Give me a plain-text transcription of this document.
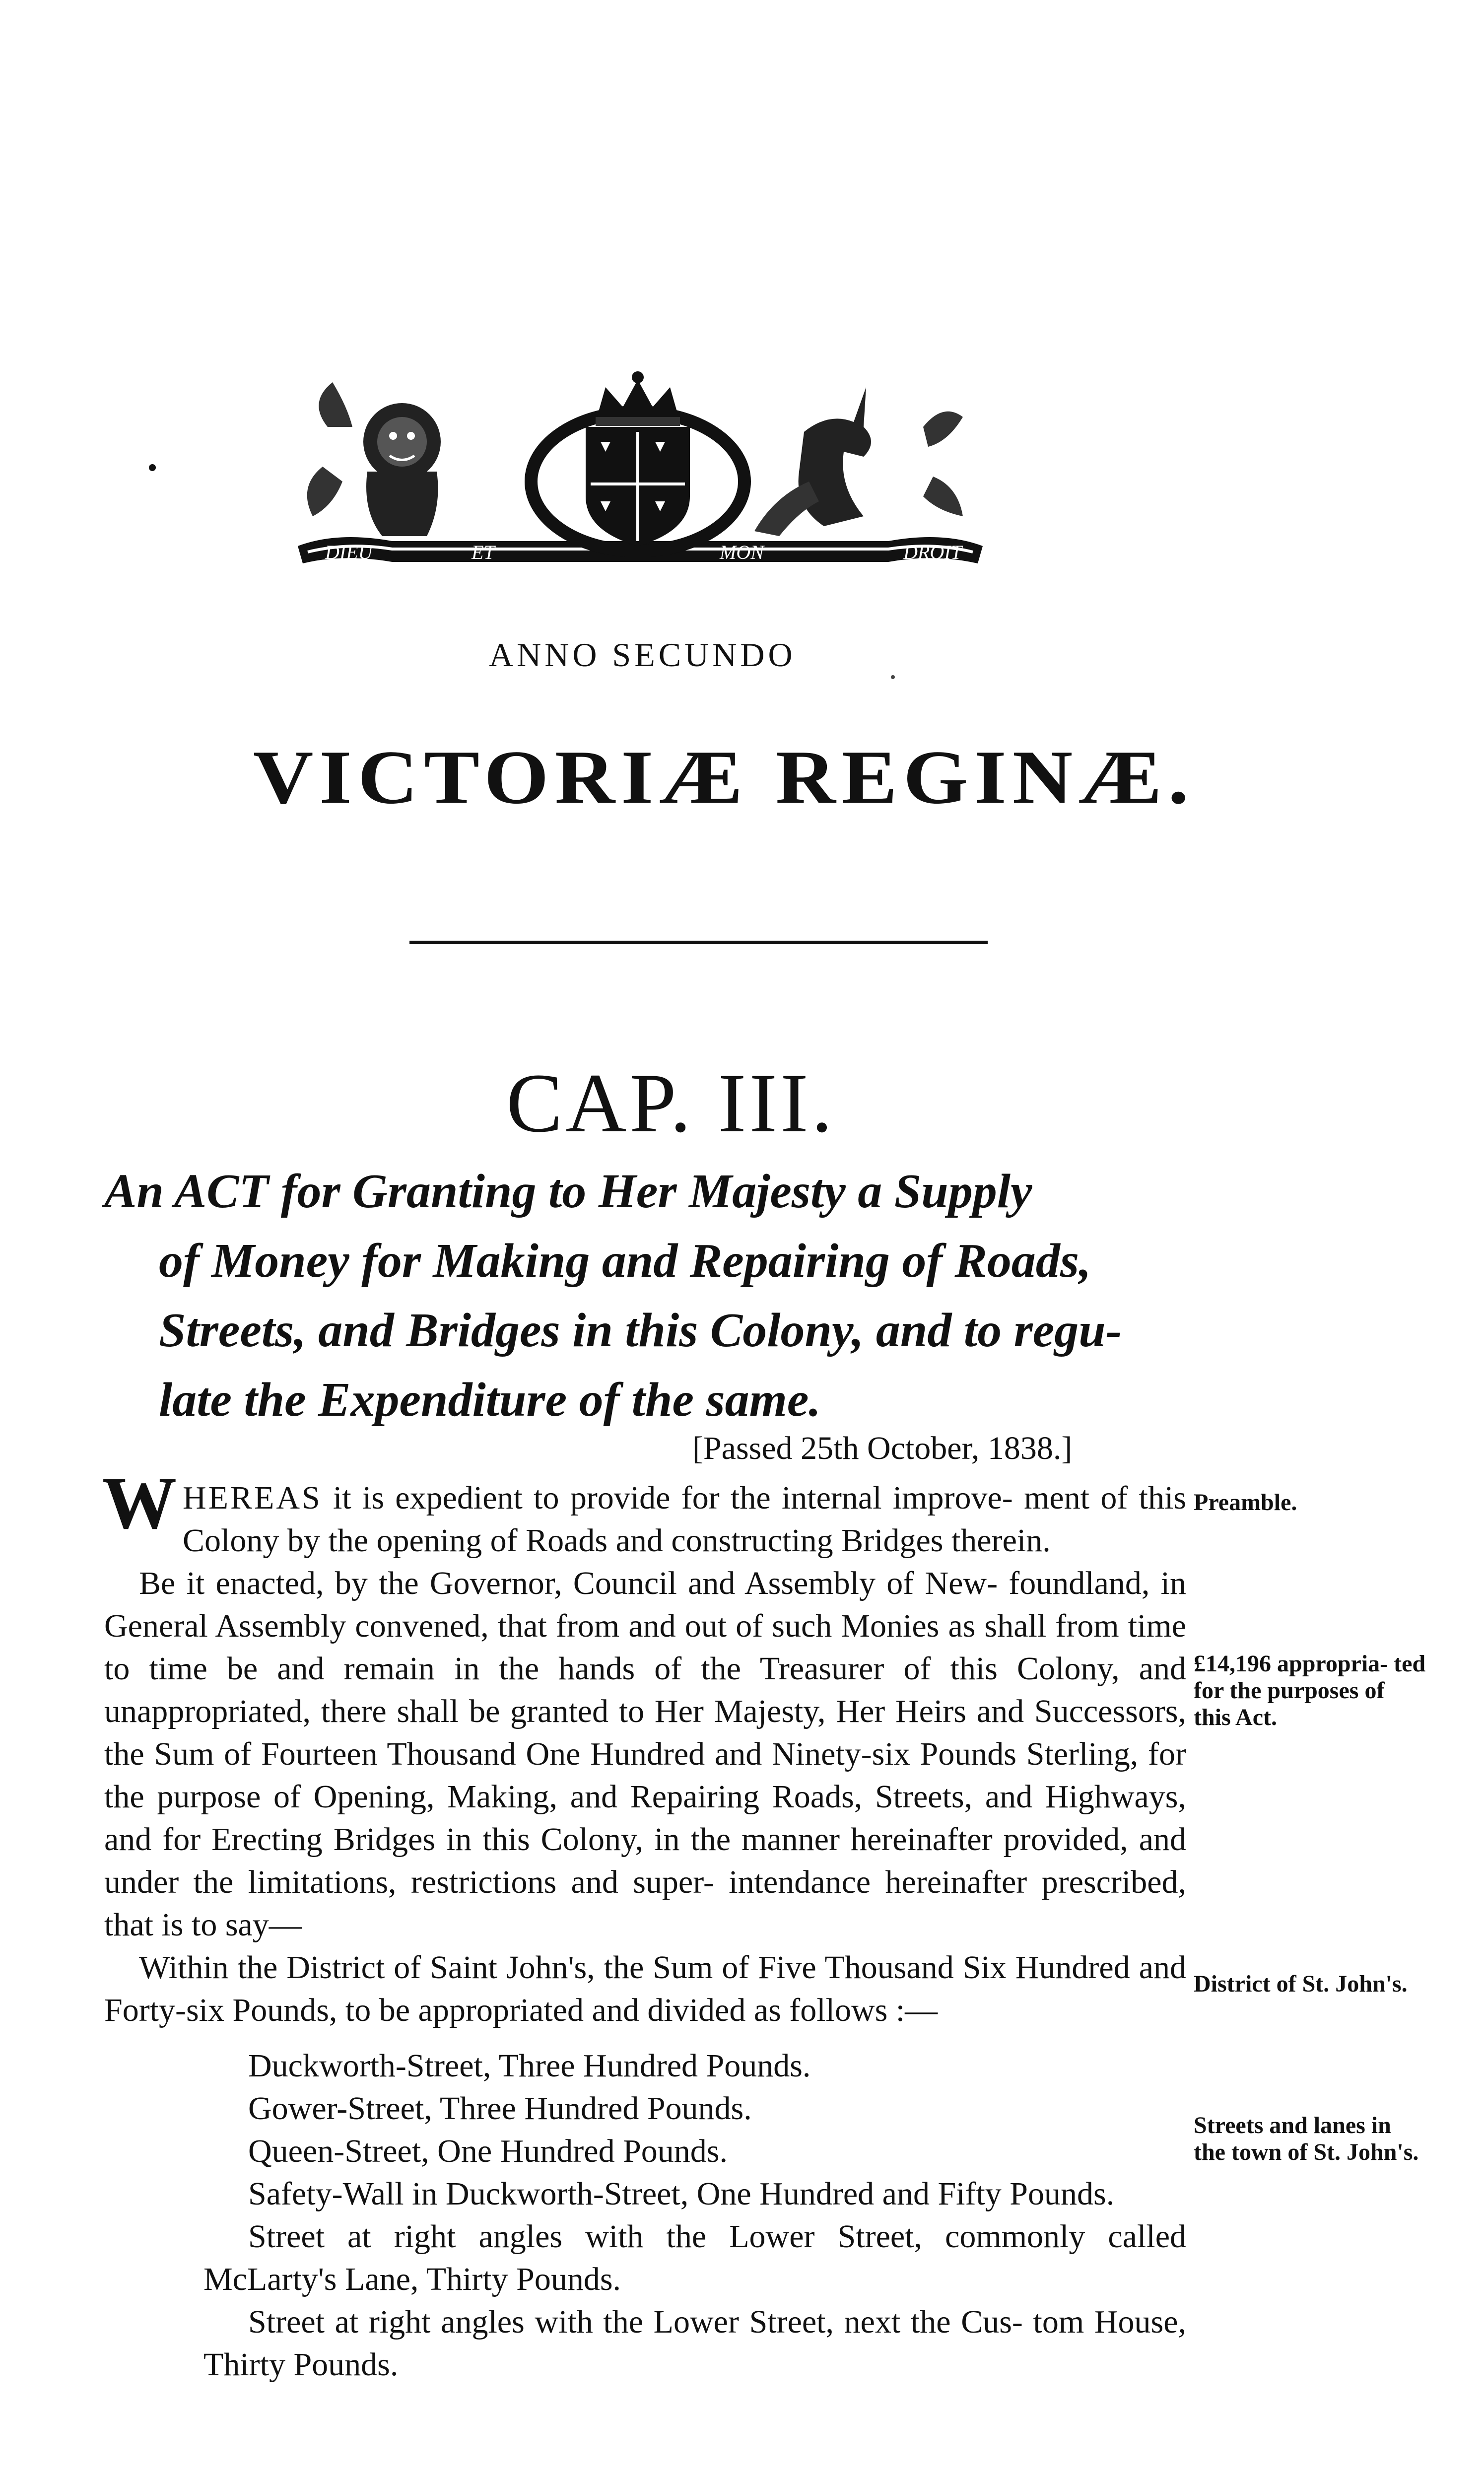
DIEU	ET	MON	DROIT
ANNO SECUNDO
VICTORIÆ REGINÆ.
CAP. III.
An ACT for Granting to Her Majesty a Supply
of Money for Making and Repairing of Roads,
Streets, and Bridges in this Colony, and to regu-
late the Expenditure of the same.
[Passed 25th October, 1838.]

WHEREAS it is expedient to provide for the internal improve- ment of this Colony by the opening of Roads and constructing Bridges therein.

Be it enacted, by the Governor, Council and Assembly of New- foundland, in General Assembly convened, that from and out of such Monies as shall from time to time be and remain in the hands of the Treasurer of this Colony, and unappropriated, there shall be granted to Her Majesty, Her Heirs and Successors, the Sum of Fourteen Thousand One Hundred and Ninety-six Pounds Sterling, for the purpose of Opening, Making, and Repairing Roads, Streets, and Highways, and for Erecting Bridges in this Colony, in the manner hereinafter provided, and under the limitations, restrictions and super- intendance hereinafter prescribed, that is to say—

Within the District of Saint John's, the Sum of Five Thousand Six Hundred and Forty-six Pounds, to be appropriated and divided as follows :—

Duckworth-Street, Three Hundred Pounds.

Gower-Street, Three Hundred Pounds.

Queen-Street, One Hundred Pounds.

Safety-Wall in Duckworth-Street, One Hundred and Fifty Pounds.

Street at right angles with the Lower Street, commonly called McLarty's Lane, Thirty Pounds.

Street at right angles with the Lower Street, next the Cus- tom House, Thirty Pounds.

Preamble.
£14,196 appropria- ted for the purposes of this Act.
District of St. John's.
Streets and lanes in the town of St. John's.
